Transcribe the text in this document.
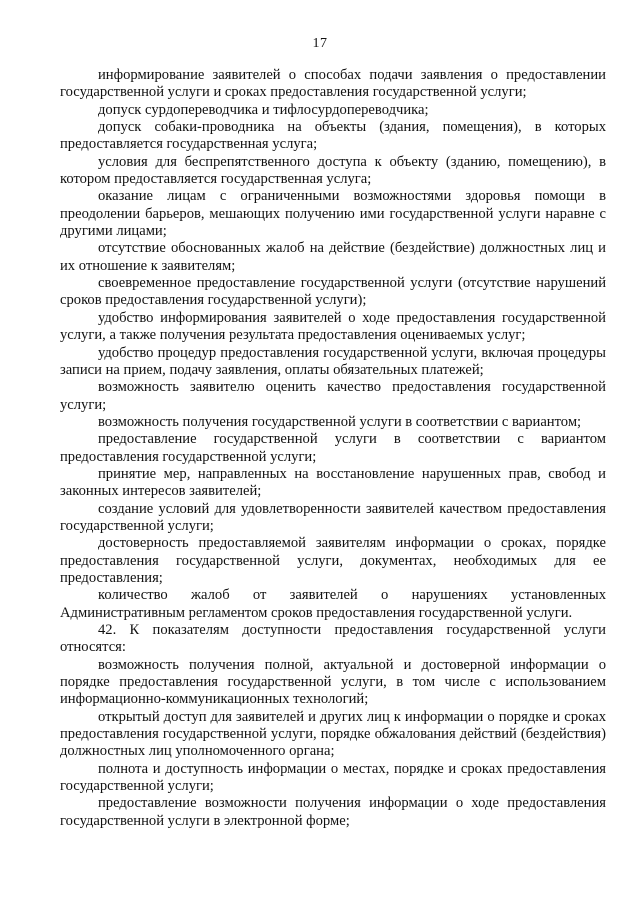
17

информирование заявителей о способах подачи заявления о предоставлении государственной услуги и сроках предоставления государственной услуги;

допуск сурдопереводчика и тифлосурдопереводчика;

допуск собаки-проводника на объекты (здания, помещения), в которых предоставляется государственная услуга;

условия для беспрепятственного доступа к объекту (зданию, помещению), в котором предоставляется государственная услуга;

оказание лицам с ограниченными возможностями здоровья помощи в преодолении барьеров, мешающих получению ими государственной услуги наравне с другими лицами;

отсутствие обоснованных жалоб на действие (бездействие) должностных лиц и их отношение к заявителям;

своевременное предоставление государственной услуги (отсутствие нарушений сроков предоставления государственной услуги);

удобство информирования заявителей о ходе предоставления государственной услуги, а также получения результата предоставления оцениваемых услуг;

удобство процедур предоставления государственной услуги, включая процедуры записи на прием, подачу заявления, оплаты обязательных платежей;

возможность заявителю оценить качество предоставления государственной услуги;

возможность получения государственной услуги в соответствии с вариантом;

предоставление государственной услуги в соответствии с вариантом предоставления государственной услуги;

принятие мер, направленных на восстановление нарушенных прав, свобод и законных интересов заявителей;

создание условий для удовлетворенности заявителей качеством предоставления государственной услуги;

достоверность предоставляемой заявителям информации о сроках, порядке предоставления государственной услуги, документах, необходимых для ее предоставления;

количество жалоб от заявителей о нарушениях установленных Административным регламентом сроков предоставления государственной услуги.

42. К показателям доступности предоставления государственной услуги относятся:

возможность получения полной, актуальной и достоверной информации о порядке предоставления государственной услуги, в том числе с использованием информационно-коммуникационных технологий;

открытый доступ для заявителей и других лиц к информации о порядке и сроках предоставления государственной услуги, порядке обжалования действий (бездействия) должностных лиц уполномоченного органа;

полнота и доступность информации о местах, порядке и сроках предоставления государственной услуги;

предоставление возможности получения информации о ходе предоставления государственной услуги в электронной форме;
